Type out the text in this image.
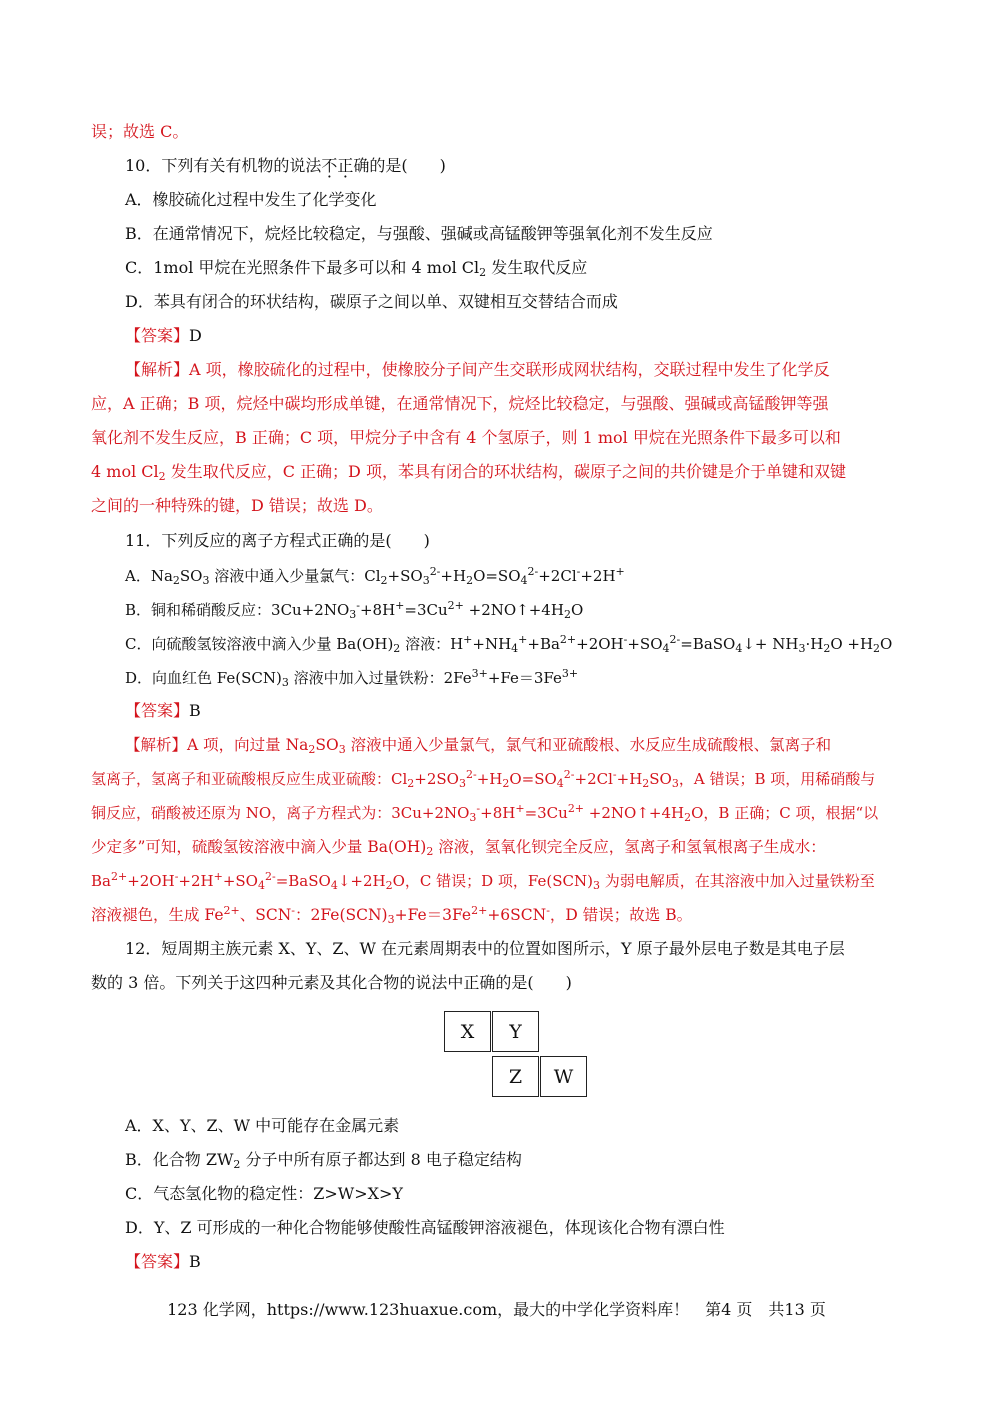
误；故选 C。
10．下列有关有机物的说法不正确的是(　　)
A．橡胶硫化过程中发生了化学变化
B．在通常情况下，烷烃比较稳定，与强酸、强碱或高锰酸钾等强氧化剂不发生反应
C．1mol 甲烷在光照条件下最多可以和 4 mol $Cl_2$ 发生取代反应
D．苯具有闭合的环状结构，碳原子之间以单、双键相互交替结合而成
【答案】D
【解析】A 项，橡胶硫化的过程中，使橡胶分子间产生交联形成网状结构，交联过程中发生了化学反
应，A 正确；B 项，烷烃中碳均形成单键，在通常情况下，烷烃比较稳定，与强酸、强碱或高锰酸钾等强
氧化剂不发生反应，B 正确；C 项，甲烷分子中含有 4 个氢原子，则 1 mol 甲烷在光照条件下最多可以和
4 mol $Cl_2$ 发生取代反应，C 正确；D 项，苯具有闭合的环状结构，碳原子之间的共价键是介于单键和双键
之间的一种特殊的键，D 错误；故选 D。
11．下列反应的离子方程式正确的是(　　)
A．$Na_2SO_3$ 溶液中通入少量氯气：$Cl_2+SO_3^{2-}+H_2O=SO_4^{2-}+2Cl^-+2H^+$
B．铜和稀硝酸反应：$3Cu+2NO_3^-+8H^+=3Cu^{2+}$ $+2NO↑+4H_2O$
C．向硫酸氢铵溶液中滴入少量 $Ba(OH)_2$ 溶液：$H^++NH_4^++Ba^{2+}+2OH^-+SO_4^{2-}=BaSO_4↓+ NH_3\cdot H_2O +H_2O$
D．向血红色 $Fe(SCN)_3$ 溶液中加入过量铁粉：$2Fe^{3+}+Fe=3Fe^{3+}$
【答案】B
【解析】A 项，向过量 $Na_2SO_3$ 溶液中通入少量氯气，氯气和亚硫酸根、水反应生成硫酸根、氯离子和
氢离子，氢离子和亚硫酸根反应生成亚硫酸：$Cl_2+2SO_3^{2-}+H_2O=SO_4^{2-}+2Cl^-+H_2SO_3$，A 错误；B 项，用稀硝酸与
铜反应，硝酸被还原为 NO，离子方程式为：$3Cu+2NO_3^-+8H^+=3Cu^{2+}$ $+2NO↑+4H_2O$，B 正确；C 项，根据“以
少定多”可知，硫酸氢铵溶液中滴入少量 $Ba(OH)_2$ 溶液，氢氧化钡完全反应，氢离子和氢氧根离子生成水：
$Ba^{2+}+2OH^-+2H^++SO_4^{2-}=BaSO_4↓+2H_2O$，C 错误；D 项，$Fe(SCN)_3$ 为弱电解质，在其溶液中加入过量铁粉至
溶液褪色，生成 $Fe^{2+}$、SCN-：$2Fe(SCN)_3+Fe=3Fe^{2+}+6SCN^-$，D 错误；故选 B。
12．短周期主族元素 X、Y、Z、W 在元素周期表中的位置如图所示，Y 原子最外层电子数是其电子层
数的 3 倍。下列关于这四种元素及其化合物的说法中正确的是(　　)
X	Y
Z	W
A．X、Y、Z、W 中可能存在金属元素
B．化合物 $ZW_2$ 分子中所有原子都达到 8 电子稳定结构
C．气态氢化物的稳定性：Z>W>X>Y
D．Y、Z 可形成的一种化合物能够使酸性高锰酸钾溶液褪色，体现该化合物有漂白性
【答案】B
123 化学网，https://www.123huaxue.com，最大的中学化学资料库！　第4 页　共13 页
